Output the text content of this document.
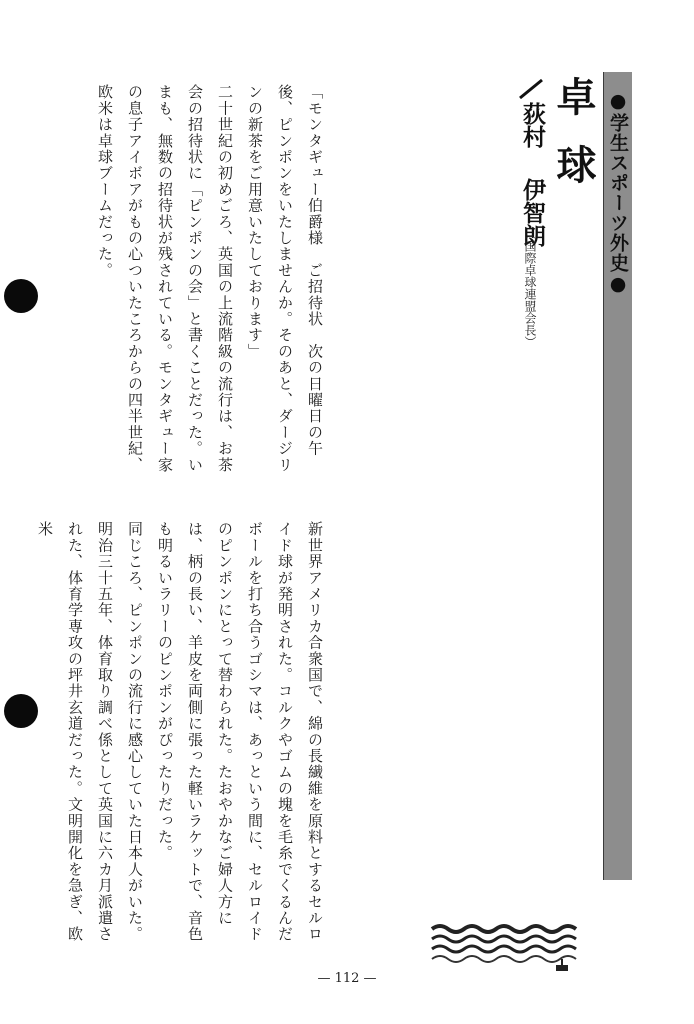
●学生スポーツ外史●
卓球
荻村伊智朗
（国際卓球連盟会長）

「モンタギュー伯爵様　ご招待状　次の日曜日の午後、ピンポンをいたしませんか。そのあと、ダージリンの新茶をご用意いたしております」

二十世紀の初めごろ、英国の上流階級の流行は、お茶会の招待状に「ピンポンの会」と書くことだった。いまも、無数の招待状が残されている。モンタギュー家の息子アイボアがもの心ついたころからの四半世紀、欧米は卓球ブームだった。

新世界アメリカ合衆国で、綿の長繊維を原料とするセルロイド球が発明された。コルクやゴムの塊を毛糸でくるんだボールを打ち合うゴシマは、あっという間に、セルロイドのピンポンにとって替わられた。たおやかなご婦人方には、柄の長い、羊皮を両側に張った軽いラケットで、音色も明るいラリーのピンポンがぴったりだった。

同じころ、ピンポンの流行に感心していた日本人がいた。明治三十五年、体育取り調べ係として英国に六カ月派遣された、体育学専攻の坪井玄道だった。文明開化を急ぎ、欧米

— 112 —
